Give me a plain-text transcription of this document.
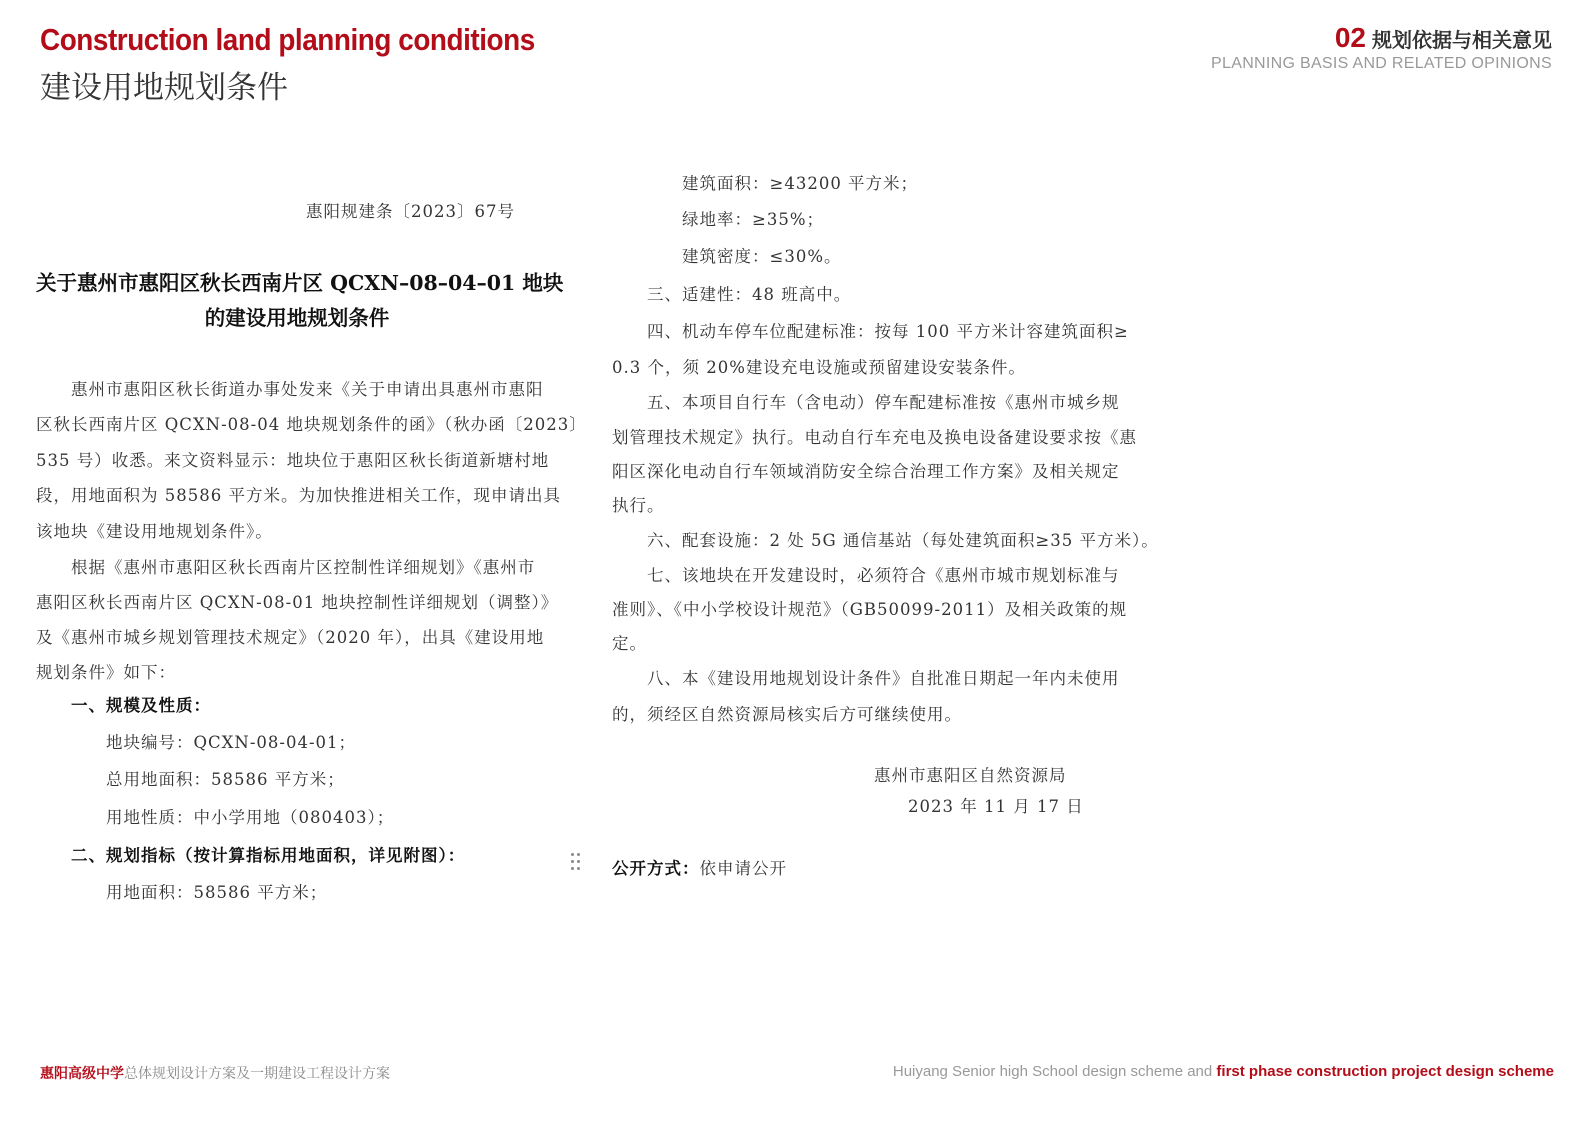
Construction land planning conditions
建设用地规划条件
02 规划依据与相关意见
PLANNING BASIS AND RELATED OPINIONS
惠阳规建条〔2023〕67号
关于惠州市惠阳区秋长西南片区 QCXN–08–04–01 地块
的建设用地规划条件
　　惠州市惠阳区秋长街道办事处发来《关于申请出具惠州市惠阳
区秋长西南片区 QCXN-08-04 地块规划条件的函》（秋办函〔2023〕
535 号）收悉。来文资料显示：地块位于惠阳区秋长街道新塘村地
段，用地面积为 58586 平方米。为加快推进相关工作，现申请出具
该地块《建设用地规划条件》。
　　根据《惠州市惠阳区秋长西南片区控制性详细规划》《惠州市
惠阳区秋长西南片区 QCXN-08-01 地块控制性详细规划（调整）》
及《惠州市城乡规划管理技术规定》（2020 年），出具《建设用地
规划条件》如下：
　　一、规模及性质：
　　　　地块编号：QCXN-08-04-01；
　　　　总用地面积：58586 平方米；
　　　　用地性质：中小学用地（080403）；
　　二、规划指标（按计算指标用地面积，详见附图）：
　　　　用地面积：58586 平方米；
　　　　建筑面积：≥43200 平方米；
　　　　绿地率：≥35%；
　　　　建筑密度：≤30%。
　　三、适建性：48 班高中。
　　四、机动车停车位配建标准：按每 100 平方米计容建筑面积≥
0.3 个，须 20%建设充电设施或预留建设安装条件。
　　五、本项目自行车（含电动）停车配建标准按《惠州市城乡规
划管理技术规定》执行。电动自行车充电及换电设备建设要求按《惠
阳区深化电动自行车领域消防安全综合治理工作方案》及相关规定
执行。
　　六、配套设施：2 处 5G 通信基站（每处建筑面积≥35 平方米）。
　　七、该地块在开发建设时，必须符合《惠州市城市规划标准与
准则》、《中小学校设计规范》（GB50099-2011）及相关政策的规
定。
　　八、本《建设用地规划设计条件》自批准日期起一年内未使用
的，须经区自然资源局核实后方可继续使用。
惠州市惠阳区自然资源局
2023 年 11 月 17 日
公开方式：依申请公开
惠阳高级中学总体规划设计方案及一期建设工程设计方案	Huiyang Senior high School design scheme and first phase construction project design scheme
